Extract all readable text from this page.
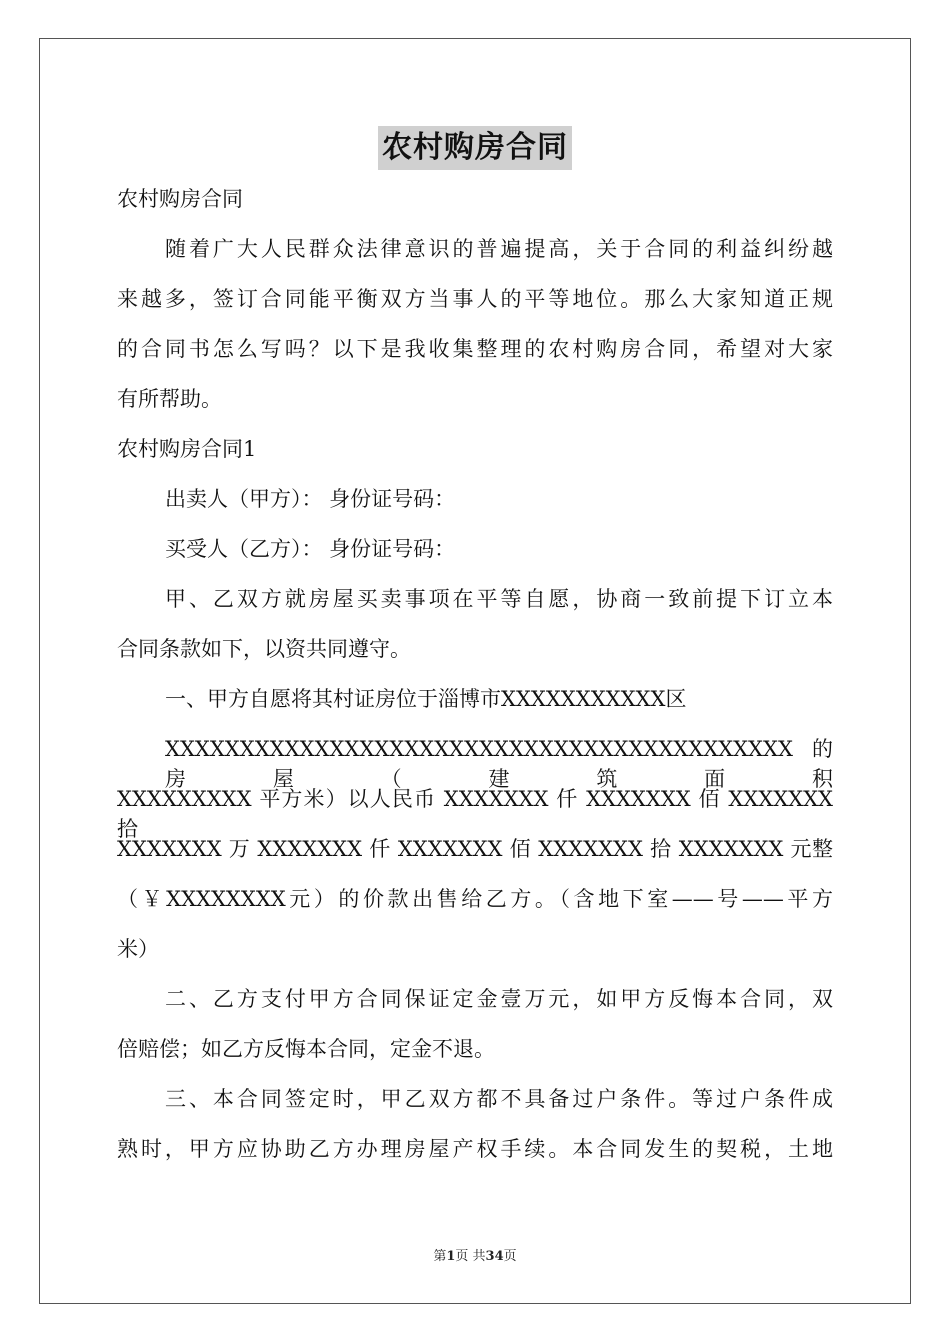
农村购房合同
农村购房合同
随着广大人民群众法律意识的普遍提高，关于合同的利益纠纷越
来越多，签订合同能平衡双方当事人的平等地位。那么大家知道正规
的合同书怎么写吗？以下是我收集整理的农村购房合同，希望对大家
有所帮助。
农村购房合同1
出卖人（甲方）： 身份证号码：
买受人（乙方）： 身份证号码：
甲、乙双方就房屋买卖事项在平等自愿，协商一致前提下订立本
合同条款如下，以资共同遵守。
一、甲方自愿将其村证房位于淄博市XXXXXXXXXXX区
XXXXXXXXXXXXXXXXXXXXXXXXXXXXXXXXXXXXXXXXXX的房屋（建筑面积
XXXXXXXXX 平方米）以人民币 XXXXXXX 仟 XXXXXXX 佰 XXXXXXX 拾
XXXXXXX 万 XXXXXXX 仟 XXXXXXX 佰 XXXXXXX 拾 XXXXXXX 元整
（￥XXXXXXXX元）的价款出售给乙方。（含地下室——号——平方
米）
二、乙方支付甲方合同保证定金壹万元，如甲方反悔本合同，双
倍赔偿；如乙方反悔本合同，定金不退。
三、本合同签定时，甲乙双方都不具备过户条件。等过户条件成
熟时，甲方应协助乙方办理房屋产权手续。本合同发生的契税，土地
第1页 共34页
